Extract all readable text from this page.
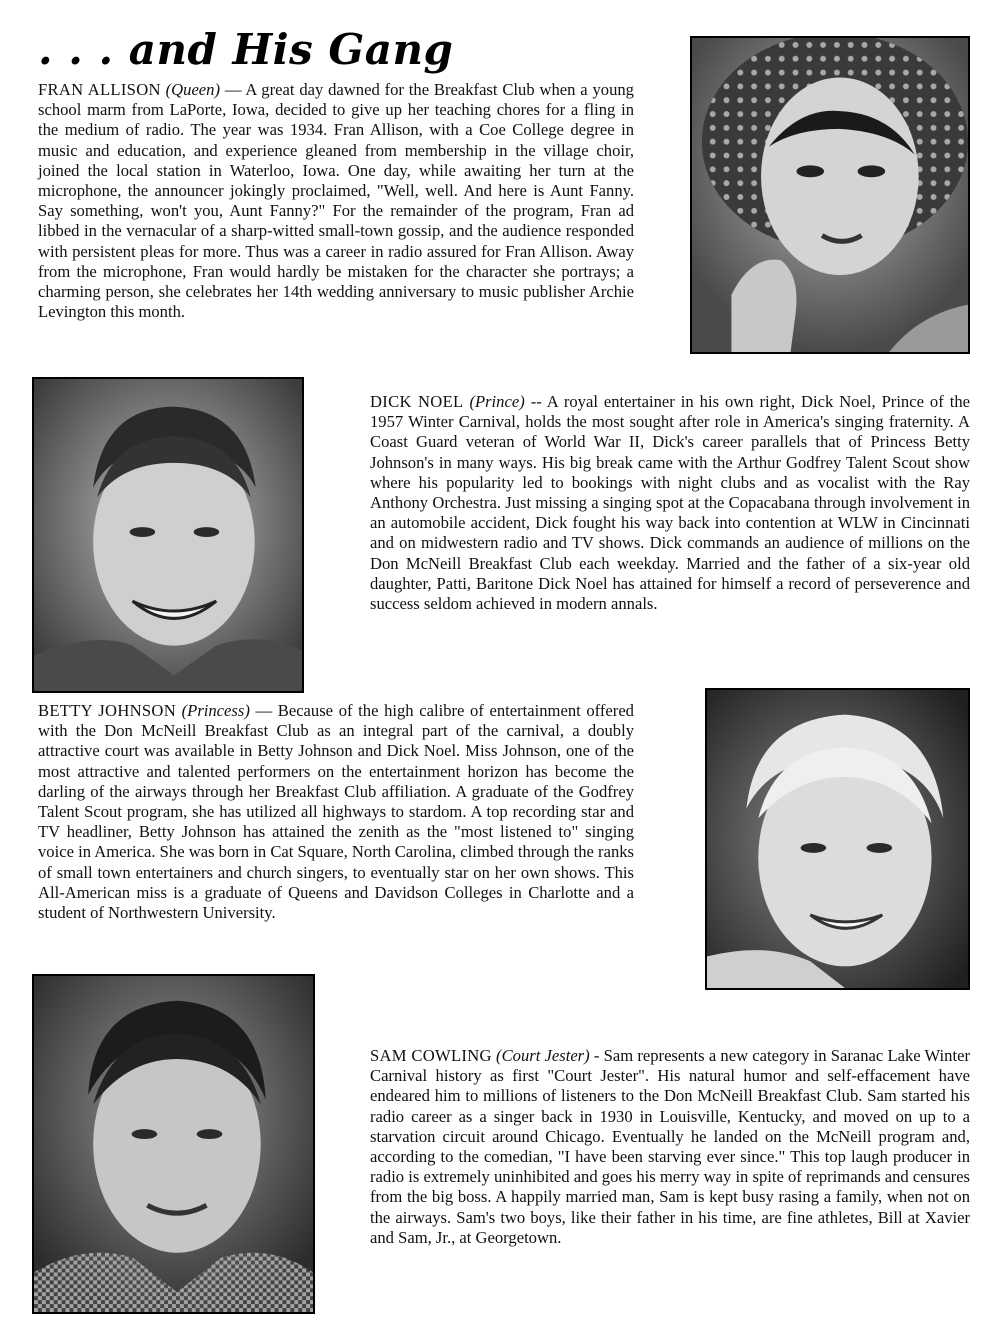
. . . and His Gang

FRAN ALLISON (Queen) — A great day dawned for the Breakfast Club when a young school marm from LaPorte, Iowa, decided to give up her teaching chores for a fling in the medium of radio. The year was 1934. Fran Allison, with a Coe College degree in music and education, and experience gleaned from membership in the village choir, joined the local station in Waterloo, Iowa. One day, while awaiting her turn at the microphone, the announcer jokingly proclaimed, "Well, well. And here is Aunt Fanny. Say something, won't you, Aunt Fanny?" For the remainder of the program, Fran ad libbed in the vernacular of a sharp-witted small-town gossip, and the audience responded with persistent pleas for more. Thus was a career in radio assured for Fran Allison. Away from the microphone, Fran would hardly be mistaken for the character she portrays; a charming person, she celebrates her 14th wedding anniversary to music publisher Archie Levington this month.

DICK NOEL (Prince) -- A royal entertainer in his own right, Dick Noel, Prince of the 1957 Winter Carnival, holds the most sought after role in America's singing fraternity. A Coast Guard veteran of World War II, Dick's career parallels that of Princess Betty Johnson's in many ways. His big break came with the Arthur Godfrey Talent Scout show where his popularity led to bookings with night clubs and as vocalist with the Ray Anthony Orchestra. Just missing a singing spot at the Copacabana through involvement in an automobile accident, Dick fought his way back into contention at WLW in Cincinnati and on midwestern radio and TV shows. Dick commands an audience of millions on the Don McNeill Breakfast Club each weekday. Married and the father of a six-year old daughter, Patti, Baritone Dick Noel has attained for himself a record of perseverence and success seldom achieved in modern annals.

BETTY JOHNSON (Princess) — Because of the high calibre of entertainment offered with the Don McNeill Breakfast Club as an integral part of the carnival, a doubly attractive court was available in Betty Johnson and Dick Noel. Miss Johnson, one of the most attractive and talented performers on the entertainment horizon has become the darling of the airways through her Breakfast Club affiliation. A graduate of the Godfrey Talent Scout program, she has utilized all highways to stardom. A top recording star and TV headliner, Betty Johnson has attained the zenith as the "most listened to" singing voice in America. She was born in Cat Square, North Carolina, climbed through the ranks of small town entertainers and church singers, to eventually star on her own shows. This All-American miss is a graduate of Queens and Davidson Colleges in Charlotte and a student of Northwestern University.

SAM COWLING (Court Jester) - Sam represents a new category in Saranac Lake Winter Carnival history as first "Court Jester". His natural humor and self-effacement have endeared him to millions of listeners to the Don McNeill Breakfast Club. Sam started his radio career as a singer back in 1930 in Louisville, Kentucky, and moved on up to a starvation circuit around Chicago. Eventually he landed on the McNeill program and, according to the comedian, "I have been starving ever since." This top laugh producer in radio is extremely uninhibited and goes his merry way in spite of reprimands and censures from the big boss. A happily married man, Sam is kept busy rasing a family, when not on the airways. Sam's two boys, like their father in his time, are fine athletes, Bill at Xavier and Sam, Jr., at Georgetown.
